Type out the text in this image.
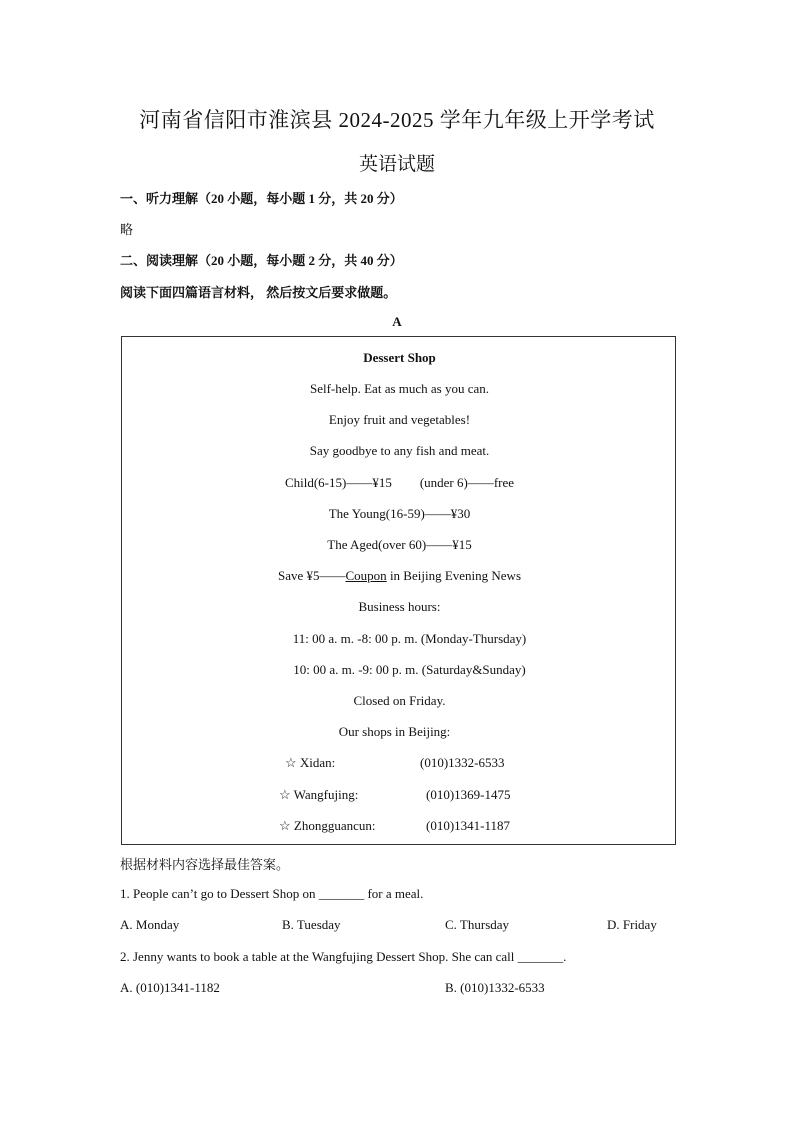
河南省信阳市淮滨县 2024-2025 学年九年级上开学考试
英语试题
一、听力理解（20 小题，每小题 1 分，共 20 分）
略
二、阅读理解（20 小题，每小题 2 分，共 40 分）
阅读下面四篇语言材料， 然后按文后要求做题。
A
Dessert Shop
Self-help. Eat as much as you can.
Enjoy fruit and vegetables!
Say goodbye to any fish and meat.
Child(6-15)——¥15 (under 6)——free
The Young(16-59)——¥30
The Aged(over 60)——¥15
Save ¥5——Coupon in Beijing Evening News
Business hours:
11: 00 a. m. -8: 00 p. m. (Monday-Thursday)
10: 00 a. m. -9: 00 p. m. (Saturday&Sunday)
Closed on Friday.
Our shops in Beijing:
☆ Xidan:	(010)1332-6533
☆ Wangfujing:	(010)1369-1475
☆ Zhongguancun:	(010)1341-1187
根据材料内容选择最佳答案。
1. People can’t go to Dessert Shop on _______ for a meal.
A. Monday	B. Tuesday	C. Thursday	D. Friday
2. Jenny wants to book a table at the Wangfujing Dessert Shop. She can call _______.
A. (010)1341-1182	B. (010)1332-6533
